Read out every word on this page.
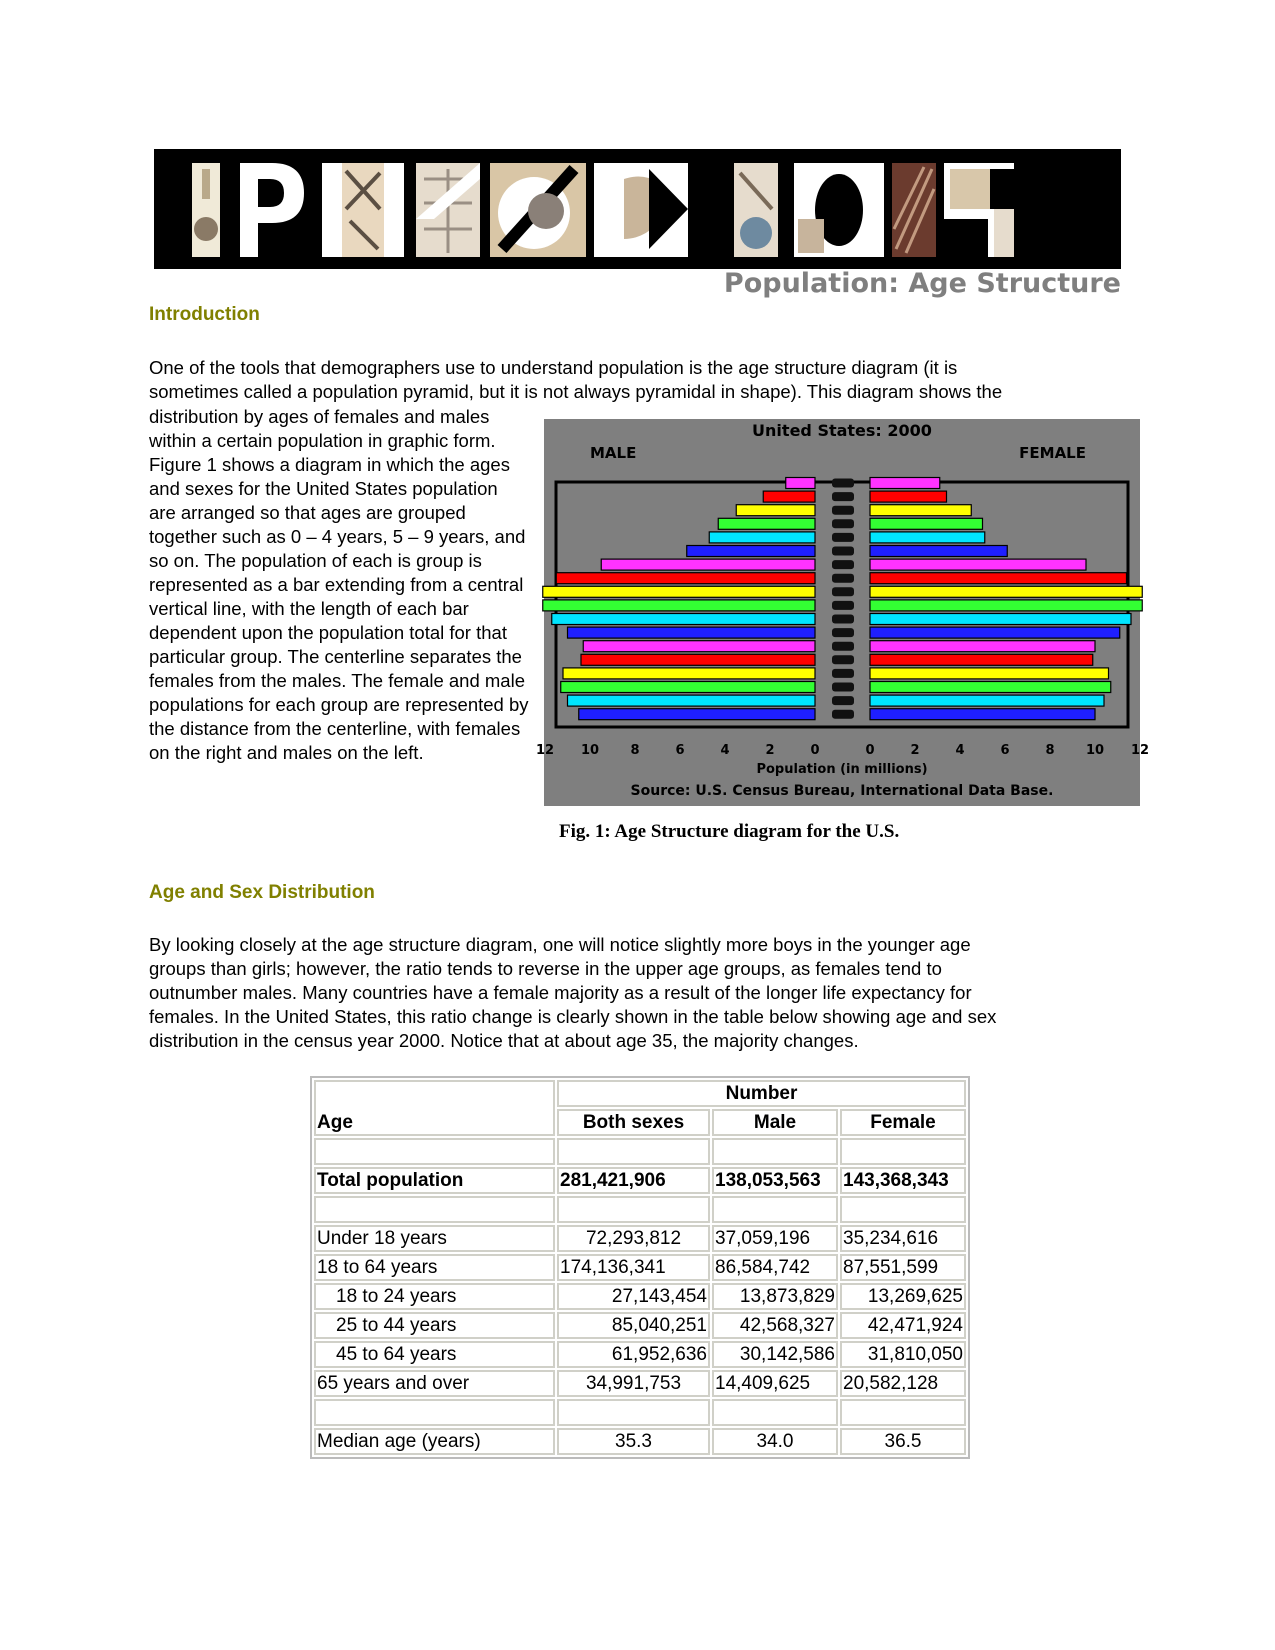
Population: Age Structure
Introduction
One of the tools that demographers use to understand population is the age structure diagram (it is
sometimes called a population pyramid, but it is not always pyramidal in shape). This diagram shows the
distribution by ages of females and males within a certain population in graphic form. Figure 1 shows a diagram in which the ages and sexes for the United States population are arranged so that ages are grouped together such as 0 – 4 years, 5 – 9 years, and so on. The population of each is group is represented as a bar extending from a central vertical line, with the length of each bar dependent upon the population total for that particular group. The centerline separates the females from the males. The female and male populations for each group are represented by the distance from the centerline, with females on the right and males on the left.
United States: 2000
MALE	FEMALE
12 10 8	6	4	2	0	0	2	4	6	8 10 12
Population (in millions)
Source: U.S. Census Bureau, International Data Base.
Fig. 1: Age Structure diagram for the U.S.
Age and Sex Distribution
By looking closely at the age structure diagram, one will notice slightly more boys in the younger age
groups than girls; however, the ratio tends to reverse in the upper age groups, as females tend to
outnumber males. Many countries have a female majority as a result of the longer life expectancy for
females. In the United States, this ratio change is clearly shown in the table below showing age and sex
distribution in the census year 2000. Notice that at about age 35, the majority changes.
Age	Number		
	Both sexes	Male	Female

Total population	281,421,906	138,053,563	143,368,343

Under 18 years	72,293,812	37,059,196	35,234,616
18 to 64 years	174,136,341	86,584,742	87,551,599
18 to 24 years	27,143,454	13,873,829	13,269,625
25 to 44 years	85,040,251	42,568,327	42,471,924
45 to 64 years	61,952,636	30,142,586	31,810,050
65 years and over	34,991,753	14,409,625	20,582,128

Median age (years)	35.3	34.0	36.5
